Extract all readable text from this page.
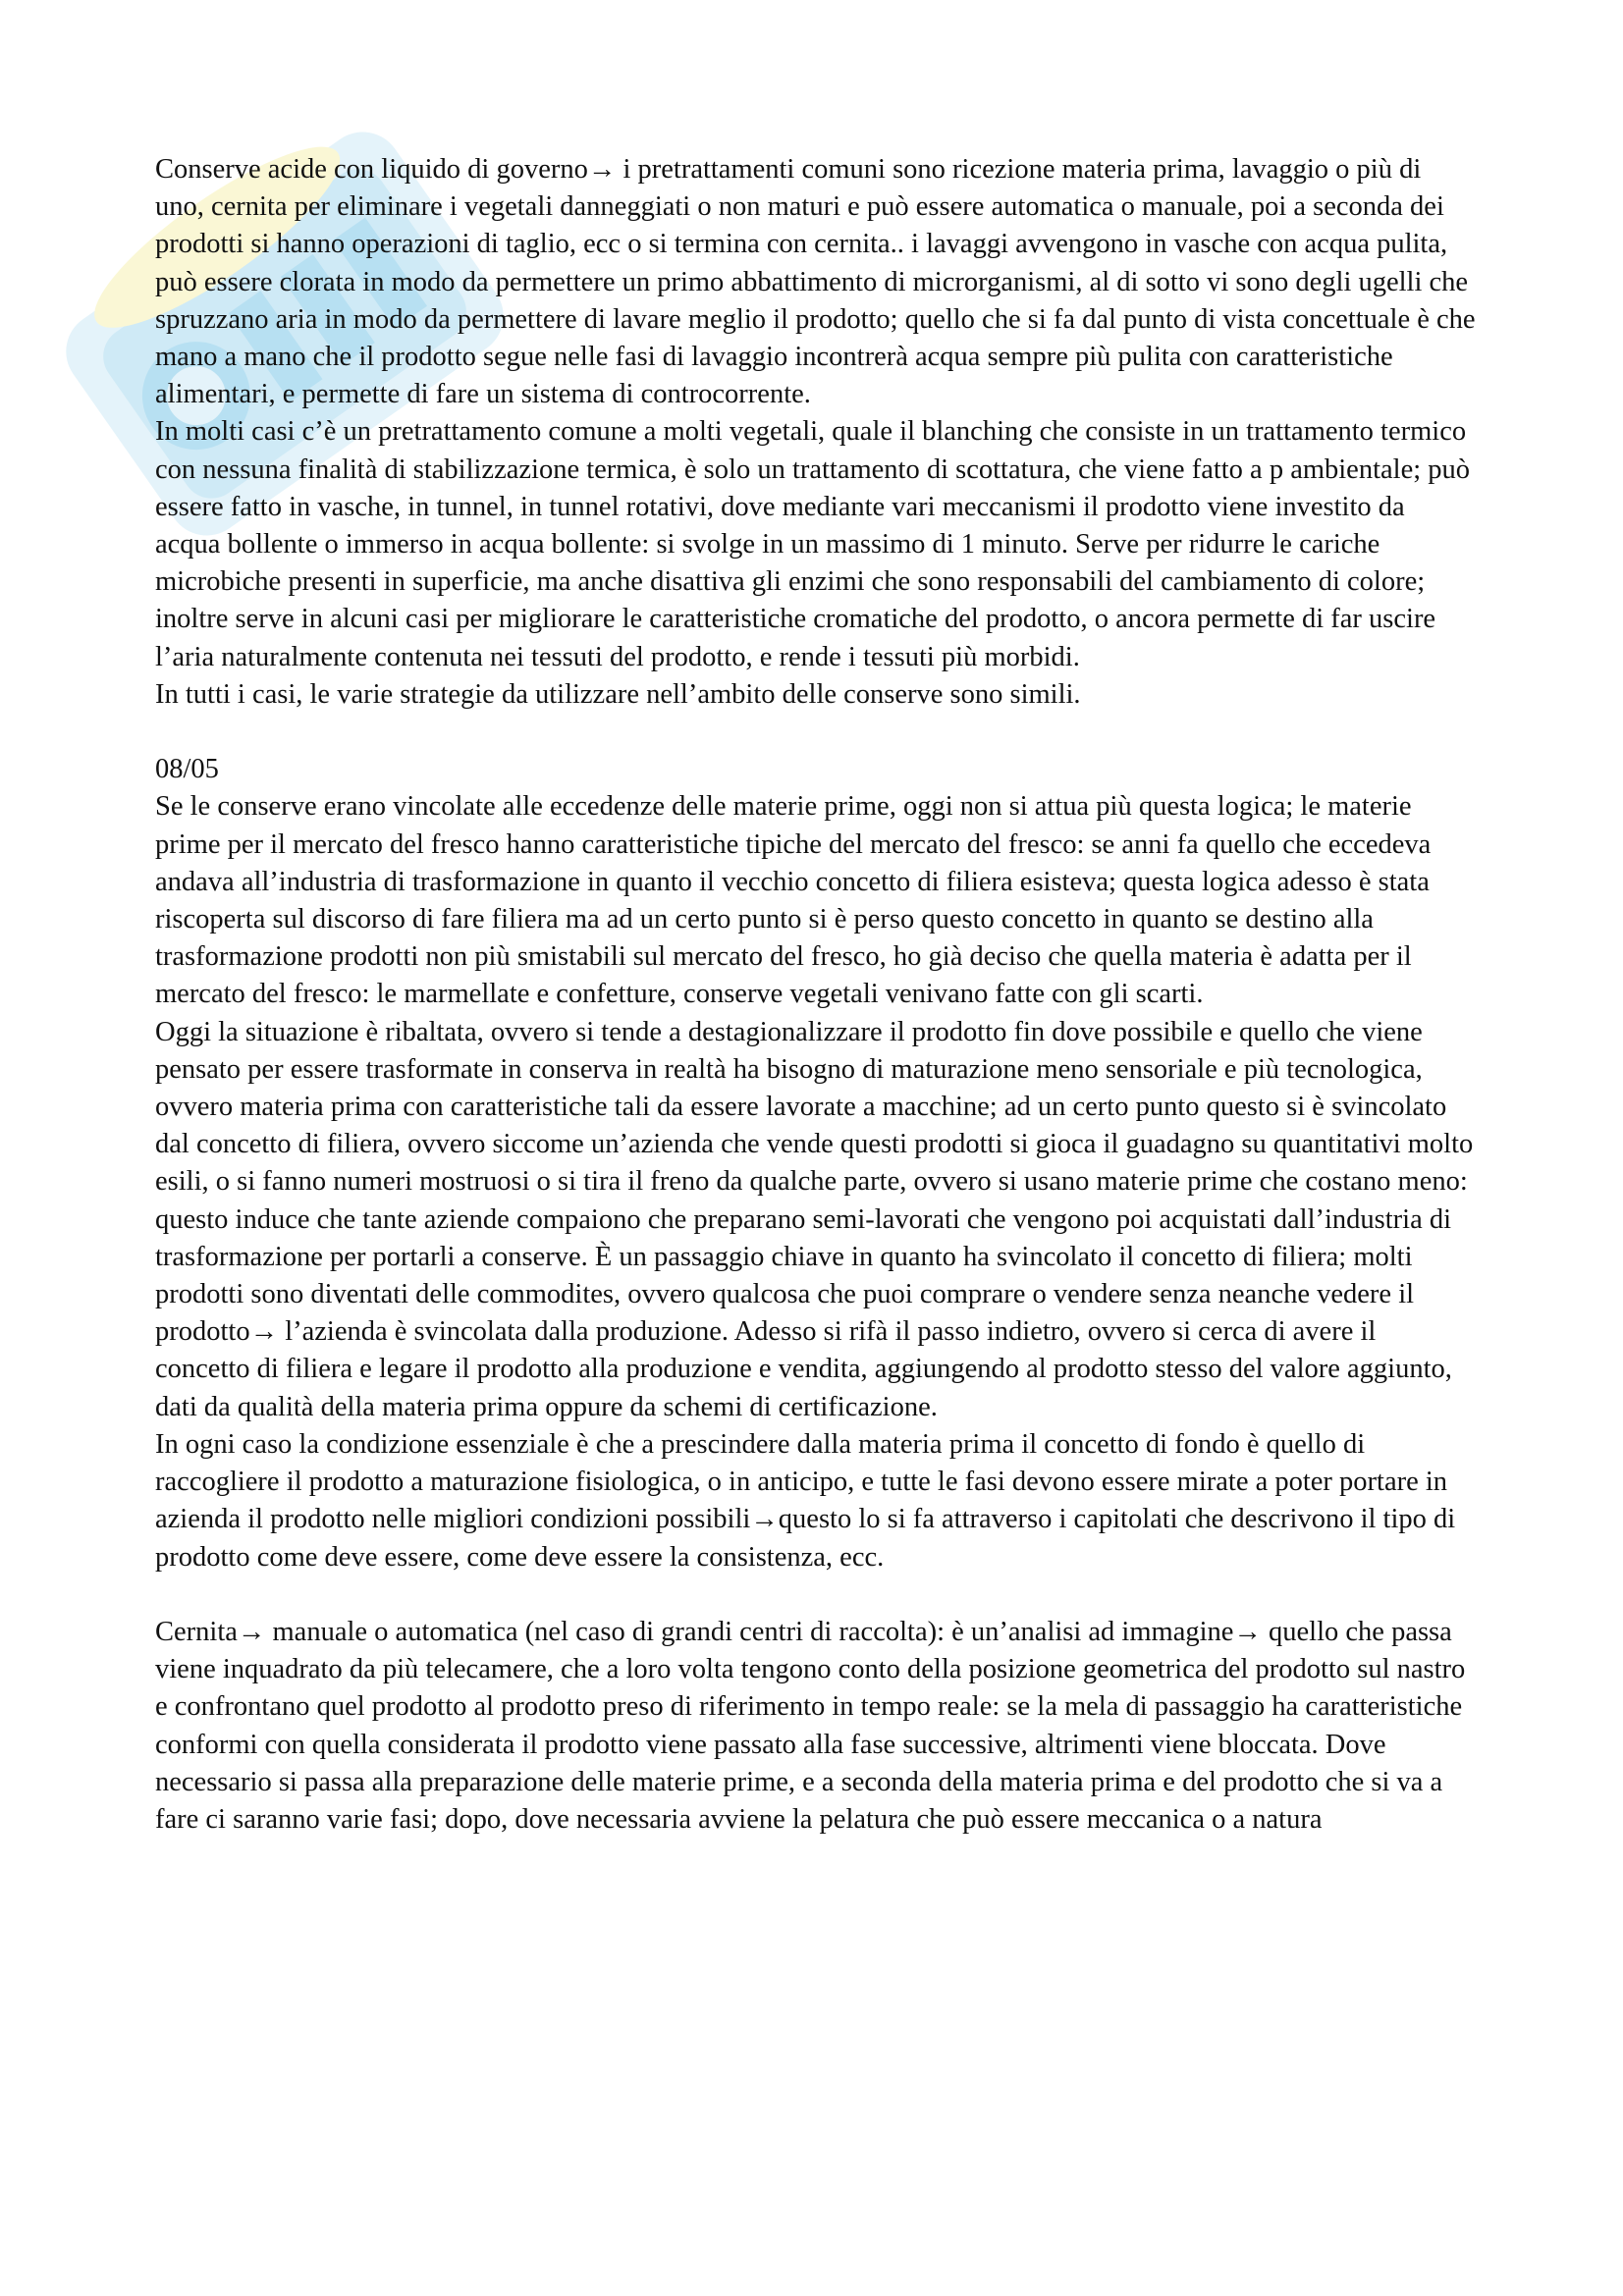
Conserve acide con liquido di governo→ i pretrattamenti comuni sono ricezione materia prima, lavaggio o più di uno, cernita per eliminare i vegetali danneggiati o non maturi e può essere automatica o manuale, poi a seconda dei prodotti si hanno operazioni di taglio, ecc o si termina con cernita.. i lavaggi avvengono in vasche con acqua pulita, può essere clorata in modo da permettere un primo abbattimento di microrganismi, al di sotto vi sono degli ugelli che spruzzano aria in modo da permettere di lavare meglio il prodotto; quello che si fa dal punto di vista concettuale è che mano a mano che il prodotto segue nelle fasi di lavaggio incontrerà acqua sempre più pulita con caratteristiche alimentari, e permette di fare un sistema di controcorrente.

In molti casi c’è un pretrattamento comune a molti vegetali, quale il blanching che consiste in un trattamento termico con nessuna finalità di stabilizzazione termica, è solo un trattamento di scottatura, che viene fatto a p ambientale; può essere fatto in vasche, in tunnel, in tunnel rotativi, dove mediante vari meccanismi il prodotto viene investito da acqua bollente o immerso in acqua bollente: si svolge in un massimo di 1 minuto. Serve per ridurre le cariche microbiche presenti in superficie, ma anche disattiva gli enzimi che sono responsabili del cambiamento di colore; inoltre serve in alcuni casi per migliorare le caratteristiche cromatiche del prodotto, o ancora permette di far uscire l’aria naturalmente contenuta nei tessuti del prodotto, e rende i tessuti più morbidi.

In tutti i casi, le varie strategie da utilizzare nell’ambito delle conserve sono simili.

08/05

Se le conserve erano vincolate alle eccedenze delle materie prime, oggi non si attua più questa logica; le materie prime per il mercato del fresco hanno caratteristiche tipiche del mercato del fresco: se anni fa quello che eccedeva andava all’industria di trasformazione in quanto il vecchio concetto di filiera esisteva; questa logica adesso è stata riscoperta sul discorso di fare filiera ma ad un certo punto si è perso questo concetto in quanto se destino alla trasformazione prodotti non più smistabili sul mercato del fresco, ho già deciso che quella materia è adatta per il mercato del fresco: le marmellate e confetture, conserve vegetali venivano fatte con gli scarti.

Oggi la situazione è ribaltata, ovvero si tende a destagionalizzare il prodotto fin dove possibile e quello che viene pensato per essere trasformate in conserva in realtà ha bisogno di maturazione meno sensoriale e più tecnologica, ovvero materia prima con caratteristiche tali da essere lavorate a macchine; ad un certo punto questo si è svincolato dal concetto di filiera, ovvero siccome un’azienda che vende questi prodotti si gioca il guadagno su quantitativi molto esili, o si fanno numeri mostruosi o si tira il freno da qualche parte, ovvero si usano materie prime che costano meno: questo induce che tante aziende compaiono che preparano semi-lavorati che vengono poi acquistati dall’industria di trasformazione per portarli a conserve. È un passaggio chiave in quanto ha svincolato il concetto di filiera; molti prodotti sono diventati delle commodites, ovvero qualcosa che puoi comprare o vendere senza neanche vedere il prodotto→ l’azienda è svincolata dalla produzione. Adesso si rifà il passo indietro, ovvero si cerca di avere il concetto di filiera e legare il prodotto alla produzione e vendita, aggiungendo al prodotto stesso del valore aggiunto, dati da qualità della materia prima oppure da schemi di certificazione.

In ogni caso la condizione essenziale è che a prescindere dalla materia prima il concetto di fondo è quello di raccogliere il prodotto a maturazione fisiologica, o in anticipo, e tutte le fasi devono essere mirate a poter portare in azienda il prodotto nelle migliori condizioni possibili→questo lo si fa attraverso i capitolati che descrivono il tipo di prodotto come deve essere, come deve essere la consistenza, ecc.

Cernita→ manuale o automatica (nel caso di grandi centri di raccolta): è un’analisi ad immagine→ quello che passa viene inquadrato da più telecamere, che a loro volta tengono conto della posizione geometrica del prodotto sul nastro e confrontano quel prodotto al prodotto preso di riferimento in tempo reale: se la mela di passaggio ha caratteristiche conformi con quella considerata il prodotto viene passato alla fase successive, altrimenti viene bloccata. Dove necessario si passa alla preparazione delle materie prime, e a seconda della materia prima e del prodotto che si va a fare ci saranno varie fasi; dopo, dove necessaria avviene la pelatura che può essere meccanica o a natura
